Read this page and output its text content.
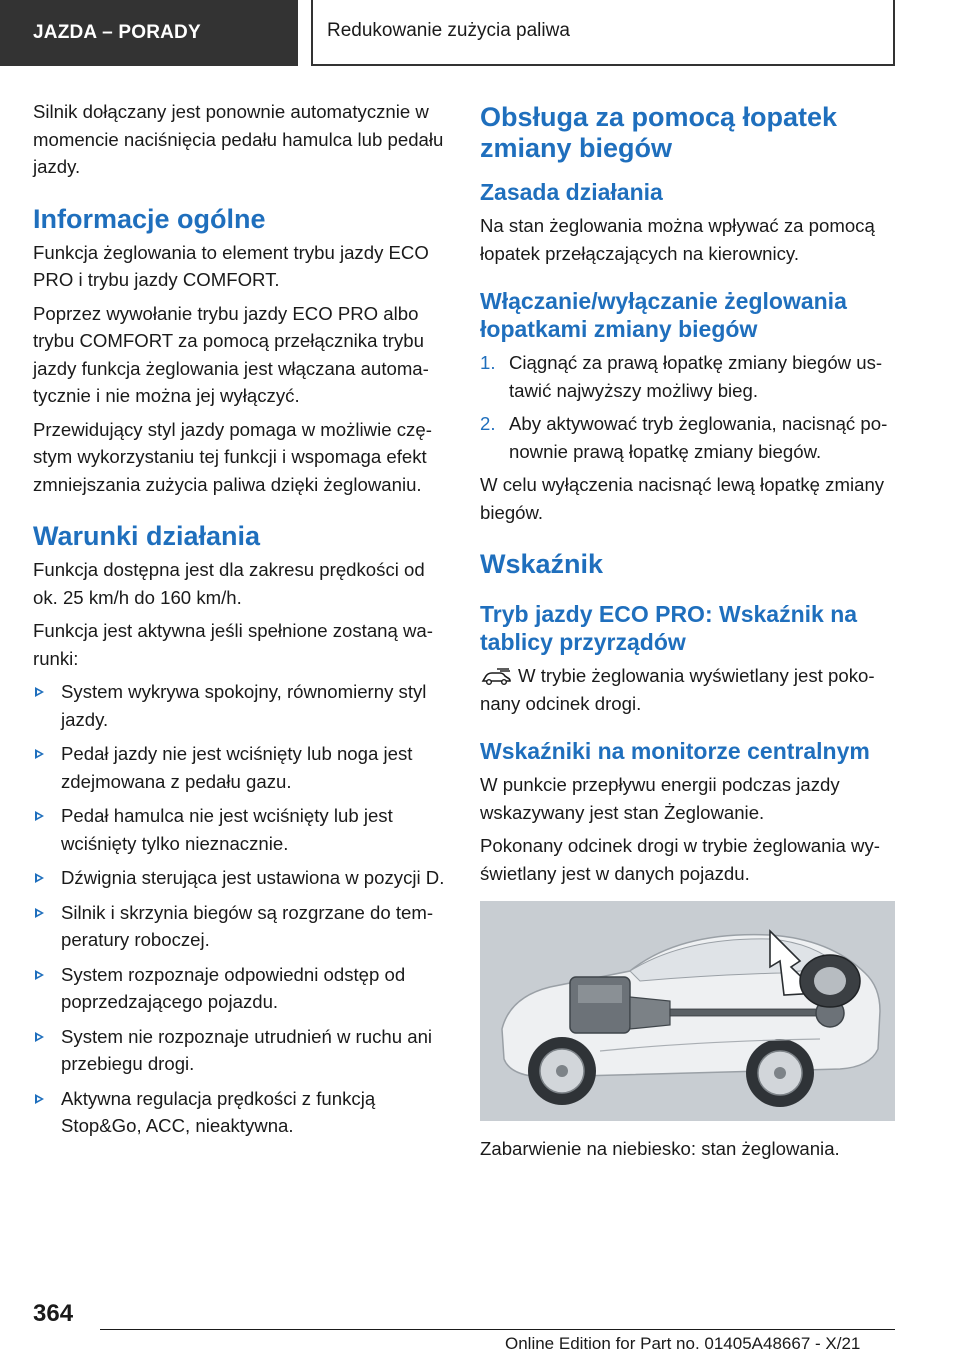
JAZDA – PORADY	Redukowanie zużycia paliwa

Silnik dołączany jest ponownie automatycznie w momencie naciśnięcia pedału hamulca lub pedału jazdy.

Informacje ogólne

Funkcja żeglowania to element trybu jazdy ECO PRO i trybu jazdy COMFORT.

Poprzez wywołanie trybu jazdy ECO PRO albo trybu COMFORT za pomocą przełącznika trybu jazdy funkcja żeglowania jest włączana automatycznie i nie można jej wyłączyć.

Przewidujący styl jazdy pomaga w możliwie częstym wykorzystaniu tej funkcji i wspomaga efekt zmniejszania zużycia paliwa dzięki żeglowaniu.

Warunki działania

Funkcja dostępna jest dla zakresu prędkości od ok. 25 km/h do 160 km/h.

Funkcja jest aktywna jeśli spełnione zostaną warunki:

System wykrywa spokojny, równomierny styl jazdy.
Pedał jazdy nie jest wciśnięty lub noga jest zdejmowana z pedału gazu.
Pedał hamulca nie jest wciśnięty lub jest wciśnięty tylko nieznacznie.
Dźwignia sterująca jest ustawiona w pozycji D.
Silnik i skrzynia biegów są rozgrzane do temperatury roboczej.
System rozpoznaje odpowiedni odstęp od poprzedzającego pojazdu.
System nie rozpoznaje utrudnień w ruchu ani przebiegu drogi.
Aktywna regulacja prędkości z funkcją Stop&Go, ACC, nieaktywna.
Obsługa za pomocą łopatek zmiany biegów
Zasada działania

Na stan żeglowania można wpływać za pomocą łopatek przełączających na kierownicy.

Włączanie/wyłączanie żeglowania łopatkami zmiany biegów
1. Ciągnąć za prawą łopatkę zmiany biegów ustawić najwyższy możliwy bieg.
2. Aby aktywować tryb żeglowania, nacisnąć ponownie prawą łopatkę zmiany biegów.

W celu wyłączenia nacisnąć lewą łopatkę zmiany biegów.

Wskaźnik
Tryb jazdy ECO PRO: Wskaźnik na tablicy przyrządów

W trybie żeglowania wyświetlany jest pokonany odcinek drogi.

Wskaźniki na monitorze centralnym

W punkcie przepływu energii podczas jazdy wskazywany jest stan Żeglowanie.

Pokonany odcinek drogi w trybie żeglowania wyświetlany jest w danych pojazdu.

Zabarwienie na niebiesko: stan żeglowania.

364
Online Edition for Part no. 01405A48667 - X/21
